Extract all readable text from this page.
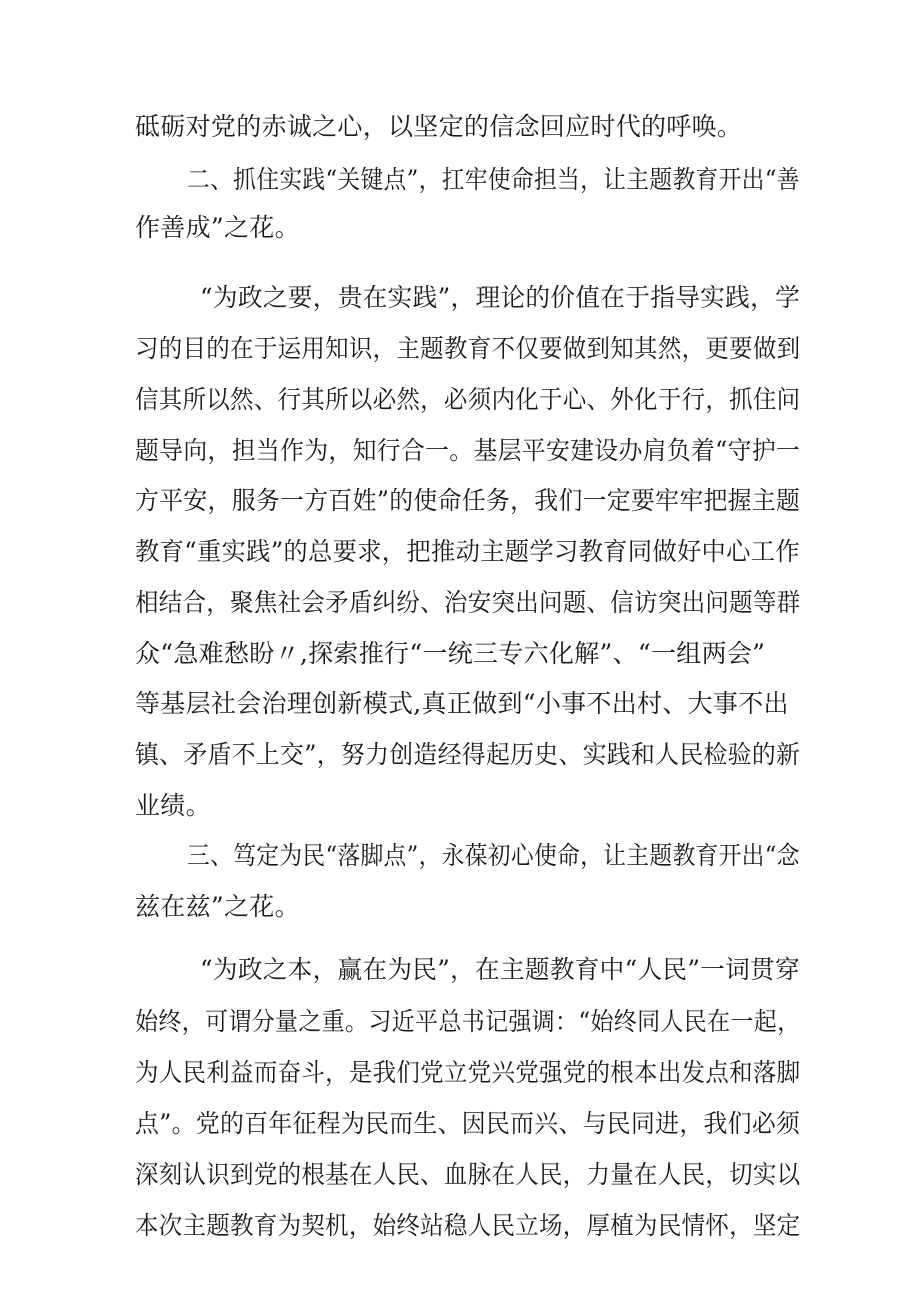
砥砺对党的赤诚之心，以坚定的信念回应时代的呼唤。
二、抓住实践“关键点”，扛牢使命担当，让主题教育开出“善
作善成”之花。
“为政之要，贵在实践”，理论的价值在于指导实践，学
习的目的在于运用知识，主题教育不仅要做到知其然，更要做到
信其所以然、行其所以必然，必须内化于心、外化于行，抓住问
题导向，担当作为，知行合一。基层平安建设办肩负着“守护一
方平安，服务一方百姓”的使命任务，我们一定要牢牢把握主题
教育“重实践”的总要求，把推动主题学习教育同做好中心工作
相结合，聚焦社会矛盾纠纷、治安突出问题、信访突出问题等群
众“急难愁盼〃,探索推行“一统三专六化解”、“一组两会”
等基层社会治理创新模式,真正做到“小事不出村、大事不出
镇、矛盾不上交”，努力创造经得起历史、实践和人民检验的新
业绩。
三、笃定为民“落脚点”，永葆初心使命，让主题教育开出“念
兹在兹”之花。
“为政之本，赢在为民”，在主题教育中“人民”一词贯穿
始终，可谓分量之重。习近平总书记强调：“始终同人民在一起，
为人民利益而奋斗，是我们党立党兴党强党的根本出发点和落脚
点”。党的百年征程为民而生、因民而兴、与民同进，我们必须
深刻认识到党的根基在人民、血脉在人民，力量在人民，切实以
本次主题教育为契机，始终站稳人民立场，厚植为民情怀，坚定
